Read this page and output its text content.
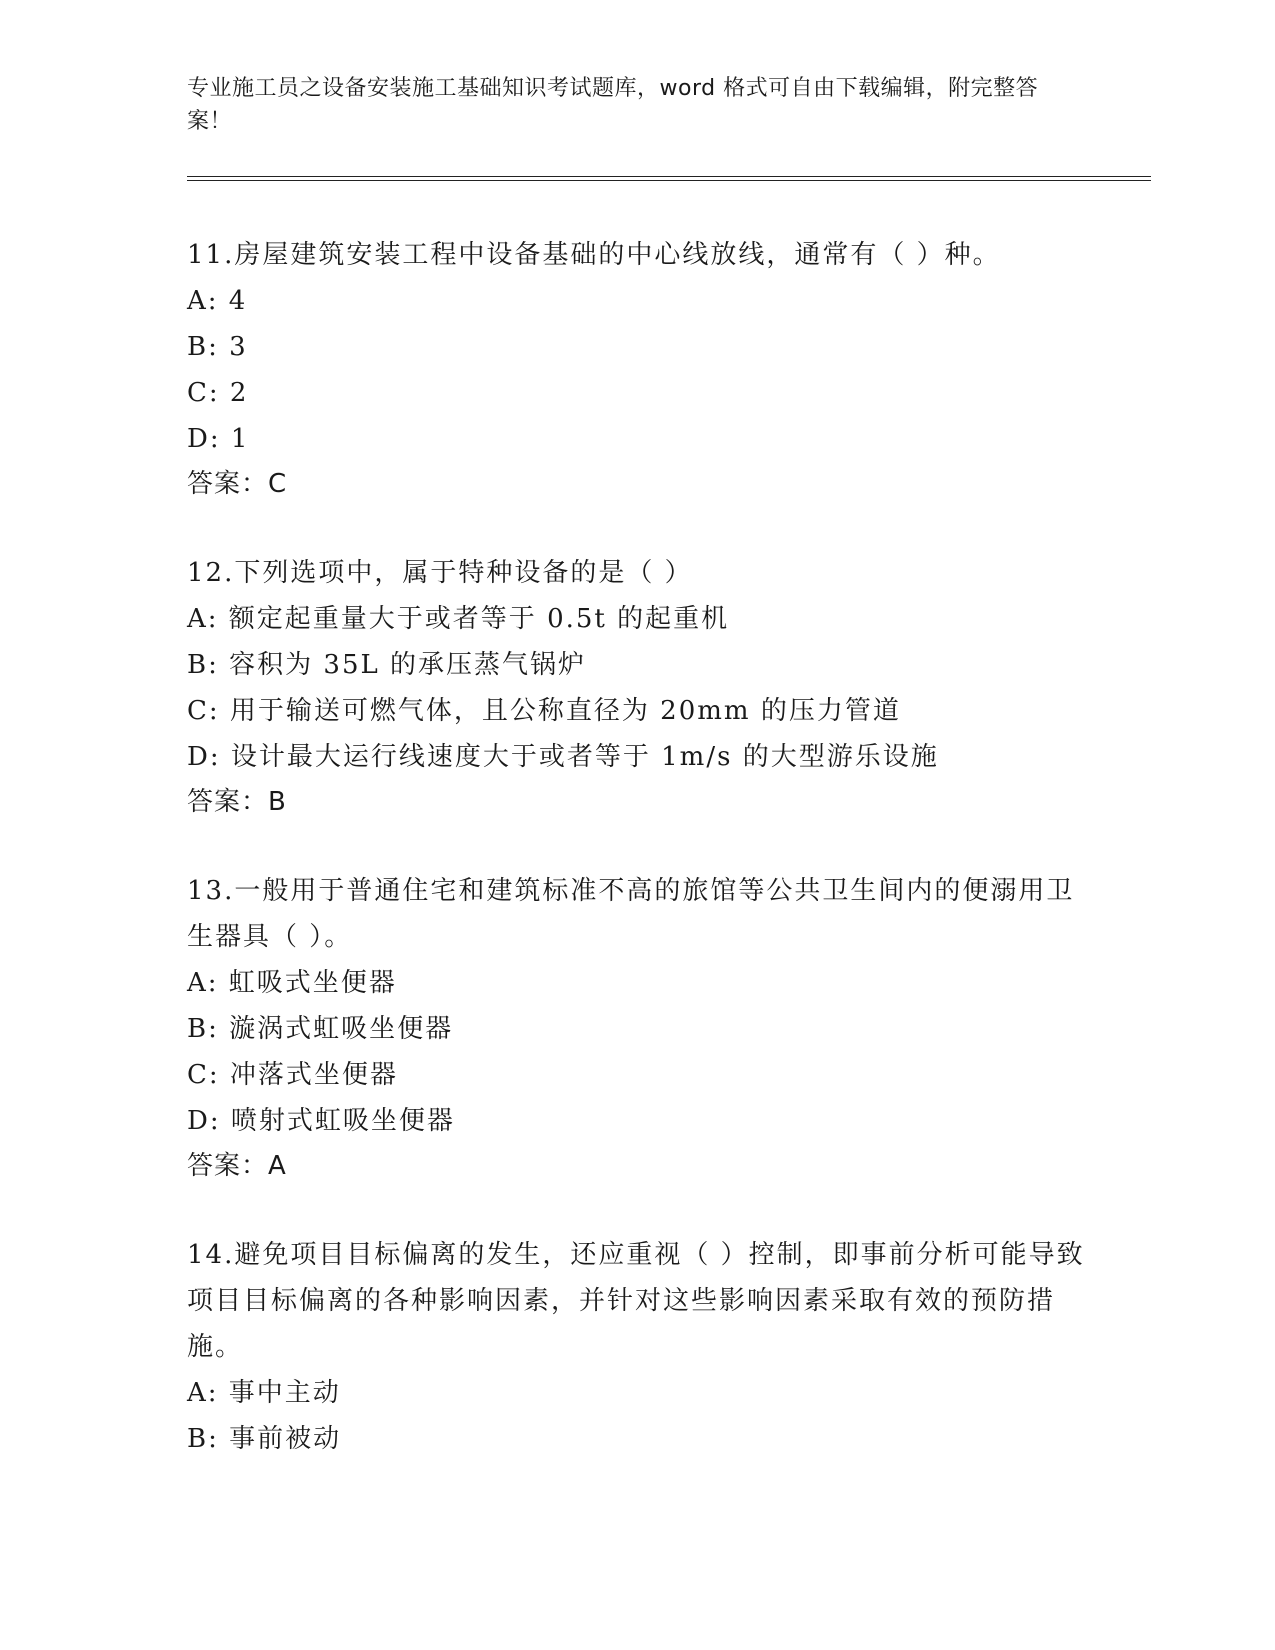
专业施工员之设备安装施工基础知识考试题库，word 格式可自由下载编辑，附完整答案！

11.房屋建筑安装工程中设备基础的中心线放线，通常有（ ）种。

A: 4

B: 3

C: 2

D: 1

答案：C

12.下列选项中，属于特种设备的是（ ）

A: 额定起重量大于或者等于 0.5t 的起重机

B: 容积为 35L 的承压蒸气锅炉

C: 用于输送可燃气体，且公称直径为 20mm 的压力管道

D: 设计最大运行线速度大于或者等于 1m/s 的大型游乐设施

答案：B

13.一般用于普通住宅和建筑标准不高的旅馆等公共卫生间内的便溺用卫生器具（ ）。

A: 虹吸式坐便器

B: 漩涡式虹吸坐便器

C: 冲落式坐便器

D: 喷射式虹吸坐便器

答案：A

14.避免项目目标偏离的发生，还应重视（ ）控制，即事前分析可能导致项目目标偏离的各种影响因素，并针对这些影响因素采取有效的预防措施。

A: 事中主动

B: 事前被动
